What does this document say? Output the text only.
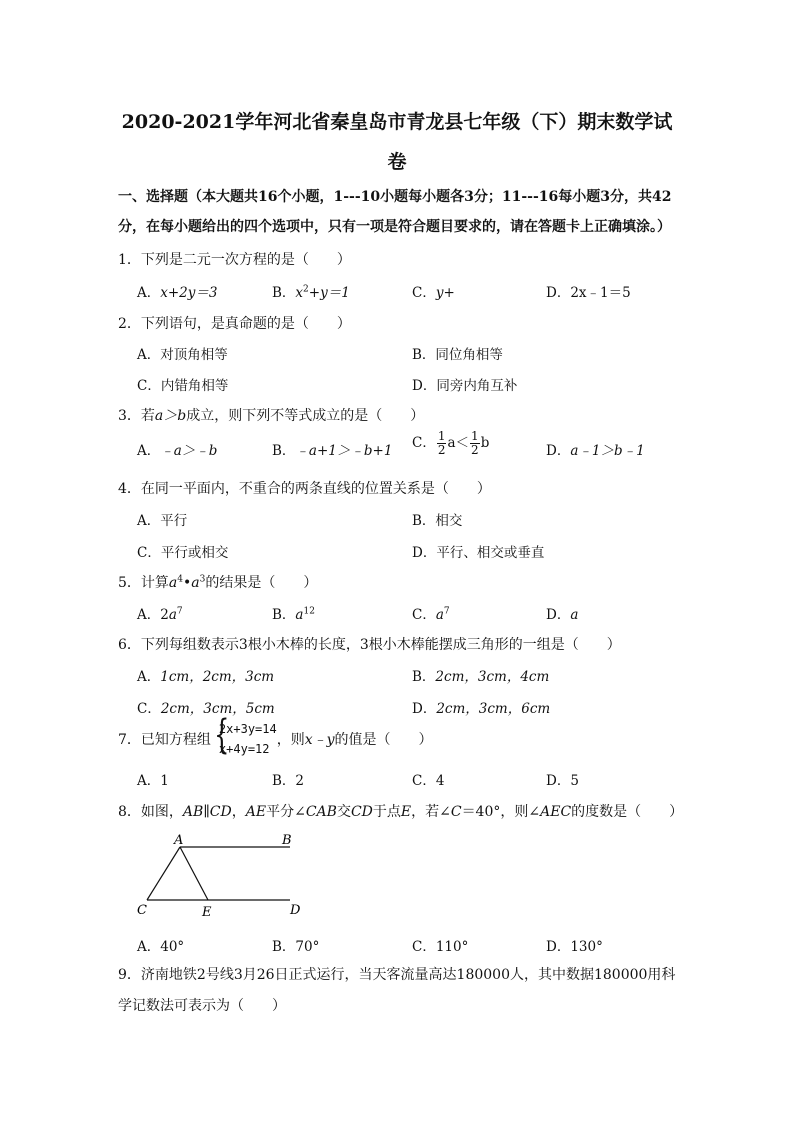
2020-2021学年河北省秦皇岛市青龙县七年级（下）期末数学试
卷
一、选择题（本大题共16个小题，1---10小题每小题各3分；11---16每小题3分，共42
分，在每小题给出的四个选项中，只有一项是符合题目要求的，请在答题卡上正确填涂。）
1．下列是二元一次方程的是（　　）
A．x+2y＝3	B．$x^2+y=1$	C．y+	D．2x﹣1＝5
2．下列语句，是真命题的是（　　）
A．对顶角相等	B．同位角相等
C．内错角相等	D．同旁内角互补
3．若a＞b成立，则下列不等式成立的是（　　）
A．﹣a＞﹣b	B．﹣a+1＞﹣b+1 C． $\frac{1}{2} a< \frac{1}{2}$ b	D．a﹣1＞b﹣1
4．在同一平面内，不重合的两条直线的位置关系是（　　）
A．平行	B．相交
C．平行或相交	D．平行、相交或垂直
5．计算$a^4•a^3$的结果是（　　）
A．$2a^7$	B．$a^{12}$	C．$a^7$	D．a
6．下列每组数表示3根小木棒的长度，3根小木棒能摆成三角形的一组是（　　）
A．1cm，2cm，3cm	B．2cm，3cm，4cm
C．2cm，3cm，5cm	D．2cm，3cm，6cm
7．已知方程组 {
2x+3y=14
x+4y=12
，则x﹣y的值是（　　）
A．1	B．2	C．4	D．5
8．如图，AB∥CD，AE平分∠CAB交CD于点E，若∠C＝40°，则∠AEC的度数是（　　）
A	B
C	E	D
A．40°	B．70°	C．110°	D．130°
9．济南地铁2号线3月26日正式运行，当天客流量高达180000人，其中数据180000用科
学记数法可表示为（　　）
